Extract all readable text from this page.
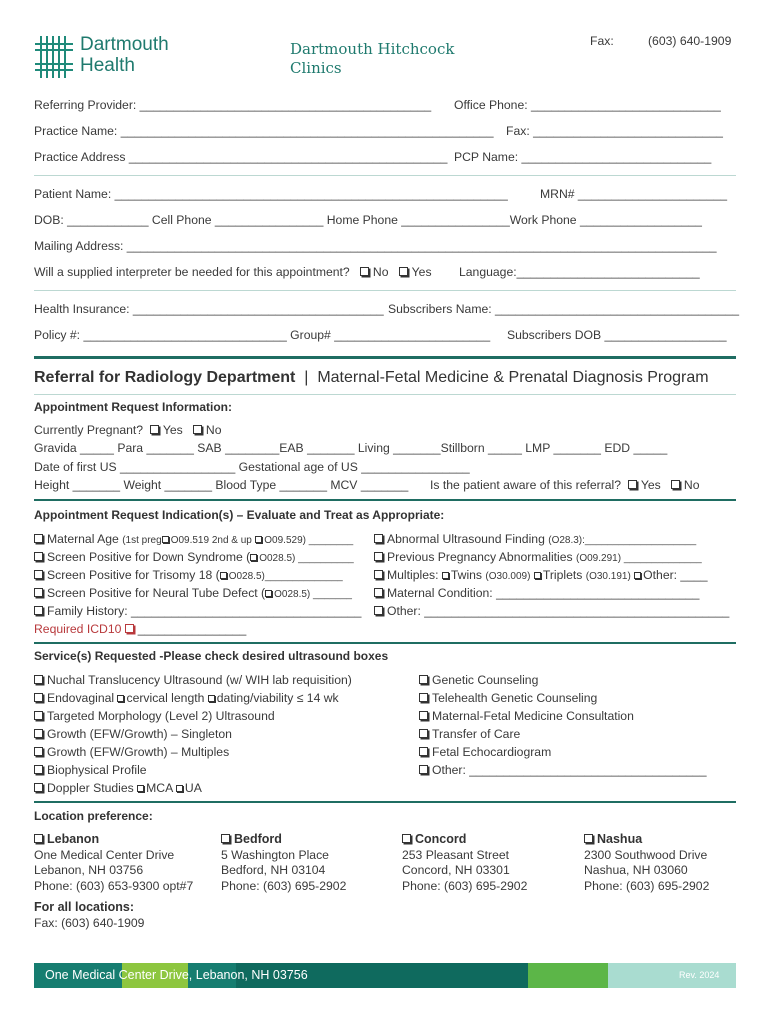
Dartmouth
Health
Dartmouth Hitchcock
Clinics
Fax:	(603) 640-1909
Referring Provider: ___________________________________________ Office Phone: ____________________________
Practice Name: _______________________________________________________ Fax: ____________________________
Practice Address _______________________________________________ PCP Name: ____________________________
Patient Name: __________________________________________________________	MRN# ______________________
DOB: ____________ Cell Phone ________________ Home Phone ________________Work Phone __________________
Mailing Address: _______________________________________________________________________________________
Will a supplied interpreter be needed for this appointment? No Yes Language:___________________________
Health Insurance: _____________________________________ Subscribers Name: ____________________________________
Policy #: ______________________________ Group# _______________________ Subscribers DOB __________________
Referral for Radiology Department | Maternal-Fetal Medicine & Prenatal Diagnosis Program
Appointment Request Information:
Currently Pregnant? Yes No
Gravida _____ Para _______ SAB ________EAB _______ Living _______Stillborn _____ LMP _______ EDD _____
Date of first US _________________ Gestational age of US ________________
Height _______ Weight _______ Blood Type _______ MCV _______ Is the patient aware of this referral? Yes No
Appointment Request Indication(s) – Evaluate and Treat as Appropriate:
Maternal Age (1st preg O09.519 2nd & up O09.529) ________
Screen Positive for Down Syndrome ( O028.5) __________
Screen Positive for Trisomy 18 ( O028.5)______________
Screen Positive for Neural Tube Defect ( O028.5) _______
Family History: __________________________________
Required ICD10 ________________
Abnormal Ultrasound Finding (O28.3):____________________
Previous Pregnancy Abnormalities (O09.291) ______________
Multiples: Twins (O30.009) Triplets (O30.191) Other: ____
Maternal Condition: ______________________________
Other: _____________________________________________
Service(s) Requested -Please check desired ultrasound boxes
Nuchal Translucency Ultrasound (w/ WIH lab requisition)
Endovaginal cervical length dating/viability ≤ 14 wk
Targeted Morphology (Level 2) Ultrasound
Growth (EFW/Growth) – Singleton
Growth (EFW/Growth) – Multiples
Biophysical Profile
Doppler Studies MCA UA
Genetic Counseling
Telehealth Genetic Counseling
Maternal-Fetal Medicine Consultation
Transfer of Care
Fetal Echocardiogram
Other: ___________________________________
Location preference:
Lebanon
One Medical Center Drive
Lebanon, NH 03756
Phone: (603) 653-9300 opt#7
Bedford
5 Washington Place
Bedford, NH 03104
Phone: (603) 695-2902
Concord
253 Pleasant Street
Concord, NH 03301
Phone: (603) 695-2902
Nashua
2300 Southwood Drive
Nashua, NH 03060
Phone: (603) 695-2902
For all locations:
Fax: (603) 640-1909
One Medical Center Drive, Lebanon, NH 03756	Rev. 2024
